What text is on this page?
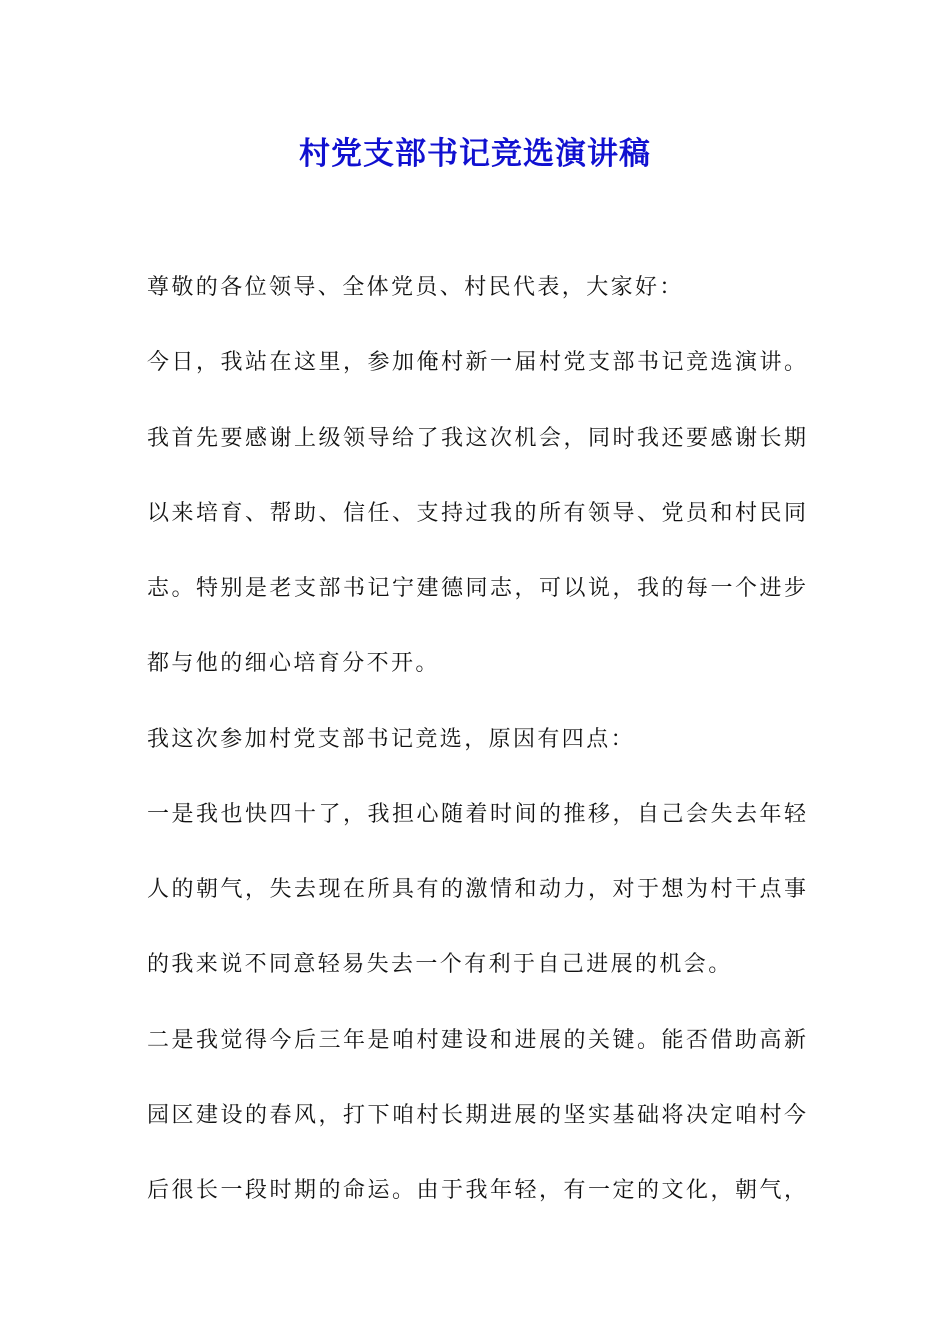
村党支部书记竞选演讲稿
尊敬的各位领导、全体党员、村民代表，大家好：
今日，我站在这里，参加俺村新一届村党支部书记竞选演讲。
我首先要感谢上级领导给了我这次机会，同时我还要感谢长期
以来培育、帮助、信任、支持过我的所有领导、党员和村民同
志。特别是老支部书记宁建德同志，可以说，我的每一个进步
都与他的细心培育分不开。
我这次参加村党支部书记竞选，原因有四点：
一是我也快四十了，我担心随着时间的推移，自己会失去年轻
人的朝气，失去现在所具有的激情和动力，对于想为村干点事
的我来说不同意轻易失去一个有利于自己进展的机会。
二是我觉得今后三年是咱村建设和进展的关键。能否借助高新
园区建设的春风，打下咱村长期进展的坚实基础将决定咱村今
后很长一段时期的命运。由于我年轻，有一定的文化，朝气，
